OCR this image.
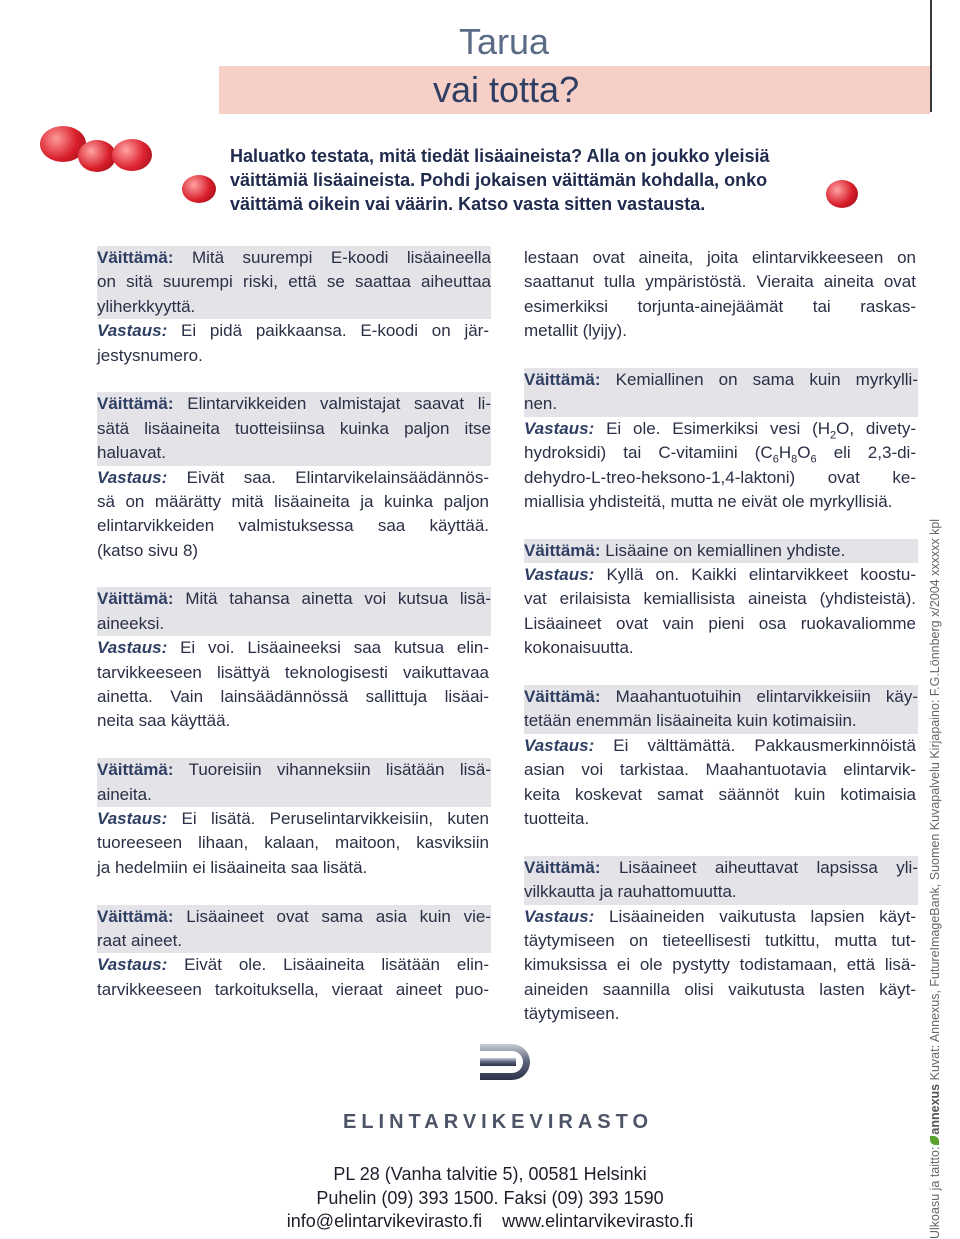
Tarua
vai totta?
Haluatko testata, mitä tiedät lisäaineista? Alla on joukko yleisiä
väittämiä lisäaineista. Pohdi jokaisen väittämän kohdalla, onko
väittämä oikein vai väärin. Katso vasta sitten vastausta.
Väittämä: Mitä suurempi E-koodi lisäaineella
on sitä suurempi riski, että se saattaa aiheuttaa
yliherkkyyttä.
Vastaus: Ei pidä paikkaansa. E-koodi on jär-
jestysnumero.
Väittämä: Elintarvikkeiden valmistajat saavat li-
sätä lisäaineita tuotteisiinsa kuinka paljon itse
haluavat.
Vastaus: Eivät saa. Elintarvikelainsäädännös-
sä on määrätty mitä lisäaineita ja kuinka paljon
elintarvikkeiden valmistuksessa saa käyttää.
(katso sivu 8)
Väittämä: Mitä tahansa ainetta voi kutsua lisä-
aineeksi.
Vastaus: Ei voi. Lisäaineeksi saa kutsua elin-
tarvikkeeseen lisättyä teknologisesti vaikuttavaa
ainetta. Vain lainsäädännössä sallittuja lisäai-
neita saa käyttää.
Väittämä: Tuoreisiin vihanneksiin lisätään lisä-
aineita.
Vastaus: Ei lisätä. Peruselintarvikkeisiin, kuten
tuoreeseen lihaan, kalaan, maitoon, kasviksiin
ja hedelmiin ei lisäaineita saa lisätä.
Väittämä: Lisäaineet ovat sama asia kuin vie-
raat aineet.
Vastaus: Eivät ole. Lisäaineita lisätään elin-
tarvikkeeseen tarkoituksella, vieraat aineet puo-
lestaan ovat aineita, joita elintarvikkeeseen on
saattanut tulla ympäristöstä. Vieraita aineita ovat
esimerkiksi torjunta-ainejäämät tai raskas-
metallit (lyijy).
Väittämä: Kemiallinen on sama kuin myrkylli-
nen.
Vastaus: Ei ole. Esimerkiksi vesi ($H_2O$, divety-
hydroksidi) tai C-vitamiini ($C_6H_8O_6$ eli 2,3-di-
dehydro-L-treo-heksono-1,4-laktoni) ovat ke-
miallisia yhdisteitä, mutta ne eivät ole myrkyllisiä.
Väittämä: Lisäaine on kemiallinen yhdiste.
Vastaus: Kyllä on. Kaikki elintarvikkeet koostu-
vat erilaisista kemiallisista aineista (yhdisteistä).
Lisäaineet ovat vain pieni osa ruokavaliomme
kokonaisuutta.
Väittämä: Maahantuotuihin elintarvikkeisiin käy-
tetään enemmän lisäaineita kuin kotimaisiin.
Vastaus: Ei välttämättä. Pakkausmerkinnöistä
asian voi tarkistaa. Maahantuotavia elintarvik-
keita koskevat samat säännöt kuin kotimaisia
tuotteita.
Väittämä: Lisäaineet aiheuttavat lapsissa yli-
vilkkautta ja rauhattomuutta.
Vastaus: Lisäaineiden vaikutusta lapsien käyt-
täytymiseen on tieteellisesti tutkittu, mutta tut-
kimuksissa ei ole pystytty todistamaan, että lisä-
aineiden saannilla olisi vaikutusta lasten käyt-
täytymiseen.
ELINTARVIKEVIRASTO
PL 28 (Vanha talvitie 5), 00581 Helsinki
Puhelin (09) 393 1500. Faksi (09) 393 1590
info@elintarvikevirasto.fi www.elintarvikevirasto.fi	Ulkoasu ja taitto:annexus Kuvat: Annexus, FutureImageBank, Suomen Kuvapalvelu Kirjapaino: F.G.Lönnberg x/2004 xxxxxx kpl
